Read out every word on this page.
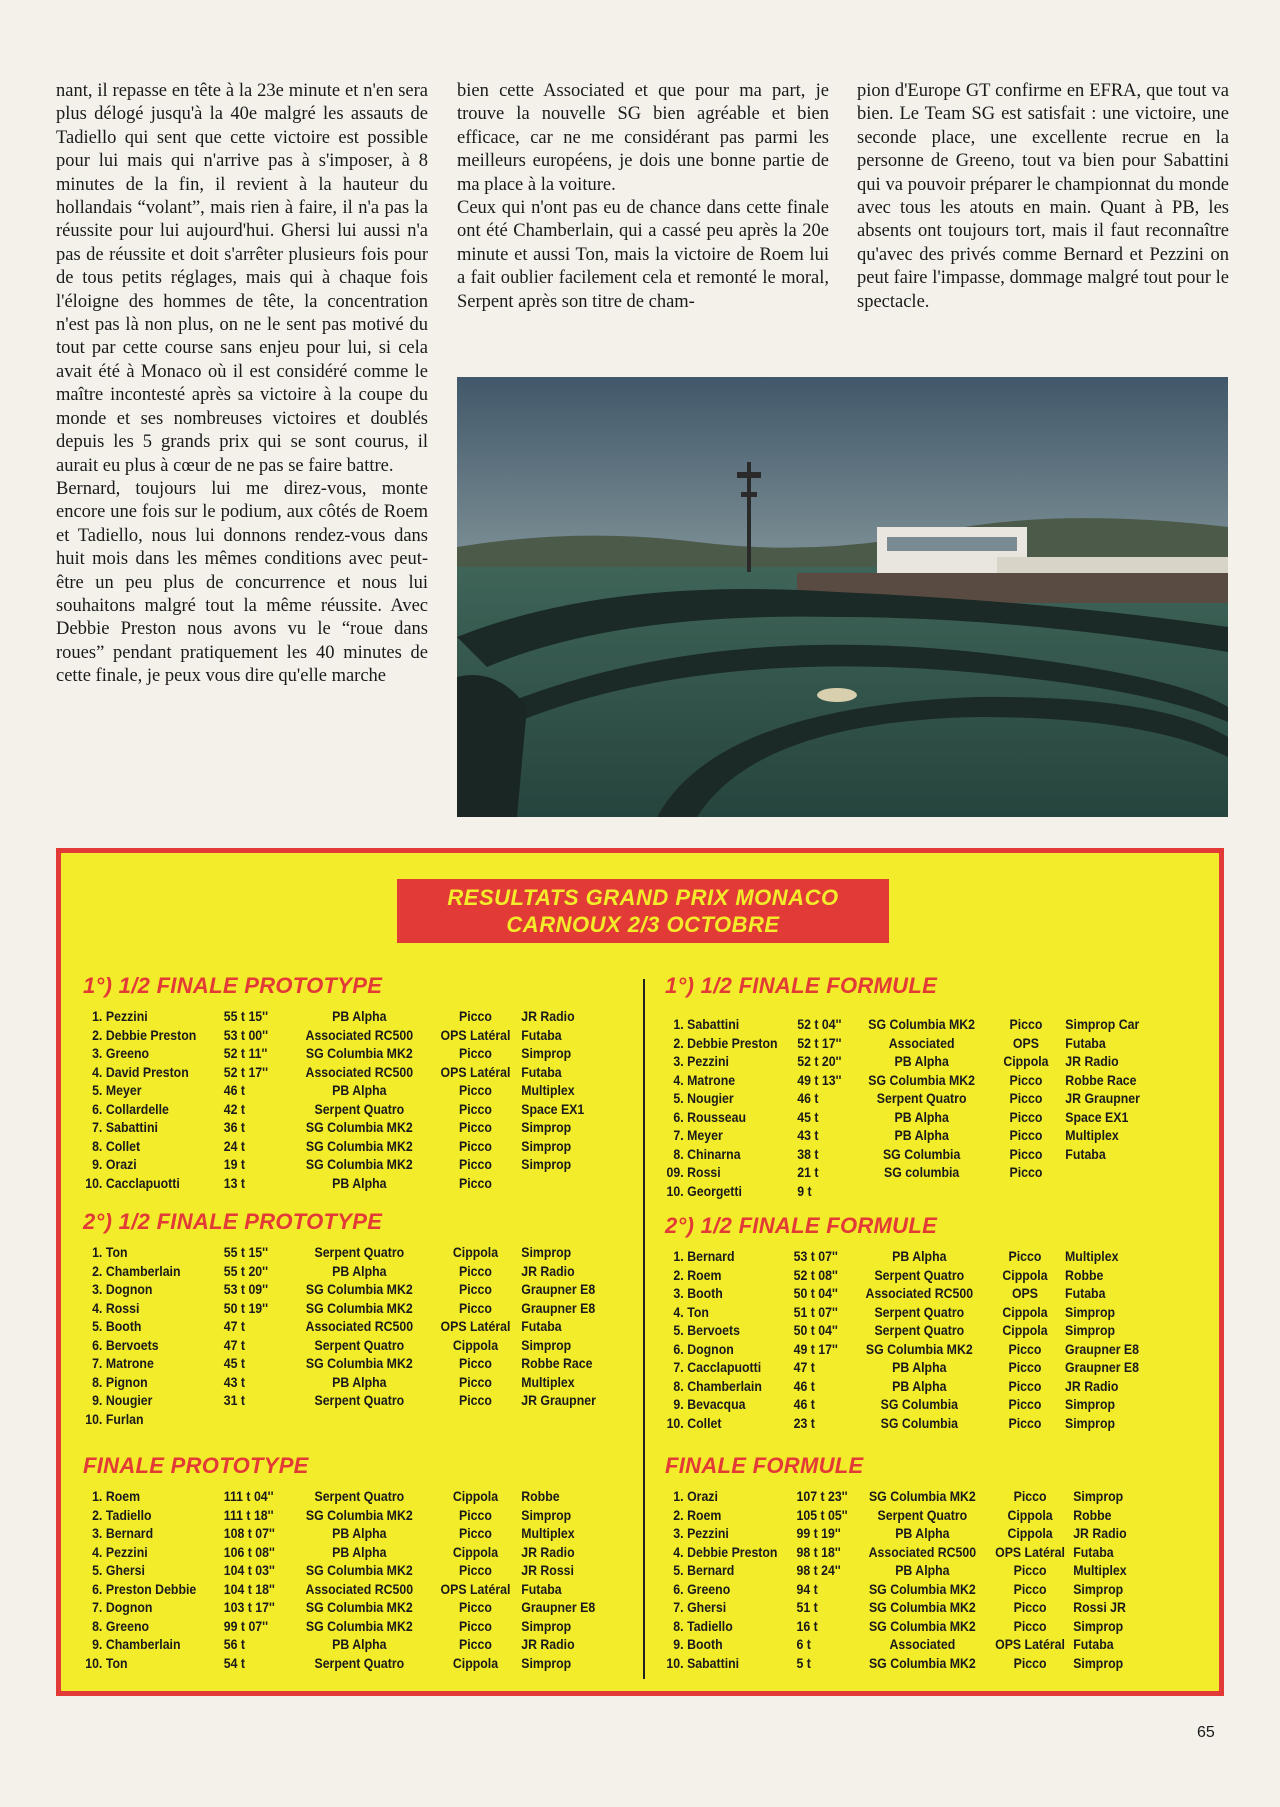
nant, il repasse en tête à la 23e minute et n'en sera plus délogé jusqu'à la 40e malgré les assauts de Tadiello qui sent que cette victoire est possible pour lui mais qui n'arrive pas à s'imposer, à 8 minutes de la fin, il revient à la hauteur du hollandais “volant”, mais rien à faire, il n'a pas la réussite pour lui aujourd'hui. Ghersi lui aussi n'a pas de réussite et doit s'arrêter plusieurs fois pour de tous petits réglages, mais qui à chaque fois l'éloigne des hommes de tête, la concentration n'est pas là non plus, on ne le sent pas motivé du tout par cette course sans enjeu pour lui, si cela avait été à Monaco où il est considéré comme le maître incontesté après sa victoire à la coupe du monde et ses nombreuses victoires et doublés depuis les 5 grands prix qui se sont courus, il aurait eu plus à cœur de ne pas se faire battre.

Bernard, toujours lui me direz-vous, monte encore une fois sur le podium, aux côtés de Roem et Tadiello, nous lui donnons rendez-vous dans huit mois dans les mêmes conditions avec peut-être un peu plus de concurrence et nous lui souhaitons malgré tout la même réussite. Avec Debbie Preston nous avons vu le “roue dans roues” pendant pratiquement les 40 minutes de cette finale, je peux vous dire qu'elle marche

bien cette Associated et que pour ma part, je trouve la nouvelle SG bien agréable et bien efficace, car ne me considérant pas parmi les meilleurs européens, je dois une bonne partie de ma place à la voiture.

Ceux qui n'ont pas eu de chance dans cette finale ont été Chamberlain, qui a cassé peu après la 20e minute et aussi Ton, mais la victoire de Roem lui a fait oublier facilement cela et remonté le moral, Serpent après son titre de cham-

pion d'Europe GT confirme en EFRA, que tout va bien. Le Team SG est satisfait : une victoire, une seconde place, une excellente recrue en la personne de Greeno, tout va bien pour Sabattini qui va pouvoir préparer le championnat du monde avec tous les atouts en main. Quant à PB, les absents ont toujours tort, mais il faut reconnaître qu'avec des privés comme Bernard et Pezzini on peut faire l'impasse, dommage malgré tout pour le spectacle.

RESULTATS GRAND PRIX MONACO
CARNOUX 2/3 OCTOBRE
1°) 1/2 FINALE PROTOTYPE
1.	Pezzini	55 t 15''	PB Alpha	Picco	JR Radio
2.	Debbie Preston	53 t 00''	Associated RC500	OPS Latéral	Futaba
3.	Greeno	52 t 11''	SG Columbia MK2	Picco	Simprop
4.	David Preston	52 t 17''	Associated RC500	OPS Latéral	Futaba
5.	Meyer	46 t	PB Alpha	Picco	Multiplex
6.	Collardelle	42 t	Serpent Quatro	Picco	Space EX1
7.	Sabattini	36 t	SG Columbia MK2	Picco	Simprop
8.	Collet	24 t	SG Columbia MK2	Picco	Simprop
9.	Orazi	19 t	SG Columbia MK2	Picco	Simprop
10.	Cacclapuotti	13 t	PB Alpha	Picco	
2°) 1/2 FINALE PROTOTYPE
1.	Ton	55 t 15''	Serpent Quatro	Cippola	Simprop
2.	Chamberlain	55 t 20''	PB Alpha	Picco	JR Radio
3.	Dognon	53 t 09''	SG Columbia MK2	Picco	Graupner E8
4.	Rossi	50 t 19''	SG Columbia MK2	Picco	Graupner E8
5.	Booth	47 t	Associated RC500	OPS Latéral	Futaba
6.	Bervoets	47 t	Serpent Quatro	Cippola	Simprop
7.	Matrone	45 t	SG Columbia MK2	Picco	Robbe Race
8.	Pignon	43 t	PB Alpha	Picco	Multiplex
9.	Nougier	31 t	Serpent Quatro	Picco	JR Graupner
10.	Furlan				
FINALE PROTOTYPE
1.	Roem	111 t 04''	Serpent Quatro	Cippola	Robbe
2.	Tadiello	111 t 18''	SG Columbia MK2	Picco	Simprop
3.	Bernard	108 t 07''	PB Alpha	Picco	Multiplex
4.	Pezzini	106 t 08''	PB Alpha	Cippola	JR Radio
5.	Ghersi	104 t 03''	SG Columbia MK2	Picco	JR Rossi
6.	Preston Debbie	104 t 18''	Associated RC500	OPS Latéral	Futaba
7.	Dognon	103 t 17''	SG Columbia MK2	Picco	Graupner E8
8.	Greeno	99 t 07''	SG Columbia MK2	Picco	Simprop
9.	Chamberlain	56 t	PB Alpha	Picco	JR Radio
10.	Ton	54 t	Serpent Quatro	Cippola	Simprop
1°) 1/2 FINALE FORMULE
1.	Sabattini	52 t 04''	SG Columbia MK2	Picco	Simprop Car
2.	Debbie Preston	52 t 17''	Associated	OPS	Futaba
3.	Pezzini	52 t 20''	PB Alpha	Cippola	JR Radio
4.	Matrone	49 t 13''	SG Columbia MK2	Picco	Robbe Race
5.	Nougier	46 t	Serpent Quatro	Picco	JR Graupner
6.	Rousseau	45 t	PB Alpha	Picco	Space EX1
7.	Meyer	43 t	PB Alpha	Picco	Multiplex
8.	Chinarna	38 t	SG Columbia	Picco	Futaba
09.	Rossi	21 t	SG columbia	Picco	
10.	Georgetti	9 t			
2°) 1/2 FINALE FORMULE
1.	Bernard	53 t 07''	PB Alpha	Picco	Multiplex
2.	Roem	52 t 08''	Serpent Quatro	Cippola	Robbe
3.	Booth	50 t 04''	Associated RC500	OPS	Futaba
4.	Ton	51 t 07''	Serpent Quatro	Cippola	Simprop
5.	Bervoets	50 t 04''	Serpent Quatro	Cippola	Simprop
6.	Dognon	49 t 17''	SG Columbia MK2	Picco	Graupner E8
7.	Cacclapuotti	47 t	PB Alpha	Picco	Graupner E8
8.	Chamberlain	46 t	PB Alpha	Picco	JR Radio
9.	Bevacqua	46 t	SG Columbia	Picco	Simprop
10.	Collet	23 t	SG Columbia	Picco	Simprop
FINALE FORMULE
1.	Orazi	107 t 23''	SG Columbia MK2	Picco	Simprop
2.	Roem	105 t 05''	Serpent Quatro	Cippola	Robbe
3.	Pezzini	99 t 19''	PB Alpha	Cippola	JR Radio
4.	Debbie Preston	98 t 18''	Associated RC500	OPS Latéral	Futaba
5.	Bernard	98 t 24''	PB Alpha	Picco	Multiplex
6.	Greeno	94 t	SG Columbia MK2	Picco	Simprop
7.	Ghersi	51 t	SG Columbia MK2	Picco	Rossi JR
8.	Tadiello	16 t	SG Columbia MK2	Picco	Simprop
9.	Booth	6 t	Associated	OPS Latéral	Futaba
10.	Sabattini	5 t	SG Columbia MK2	Picco	Simprop
65
